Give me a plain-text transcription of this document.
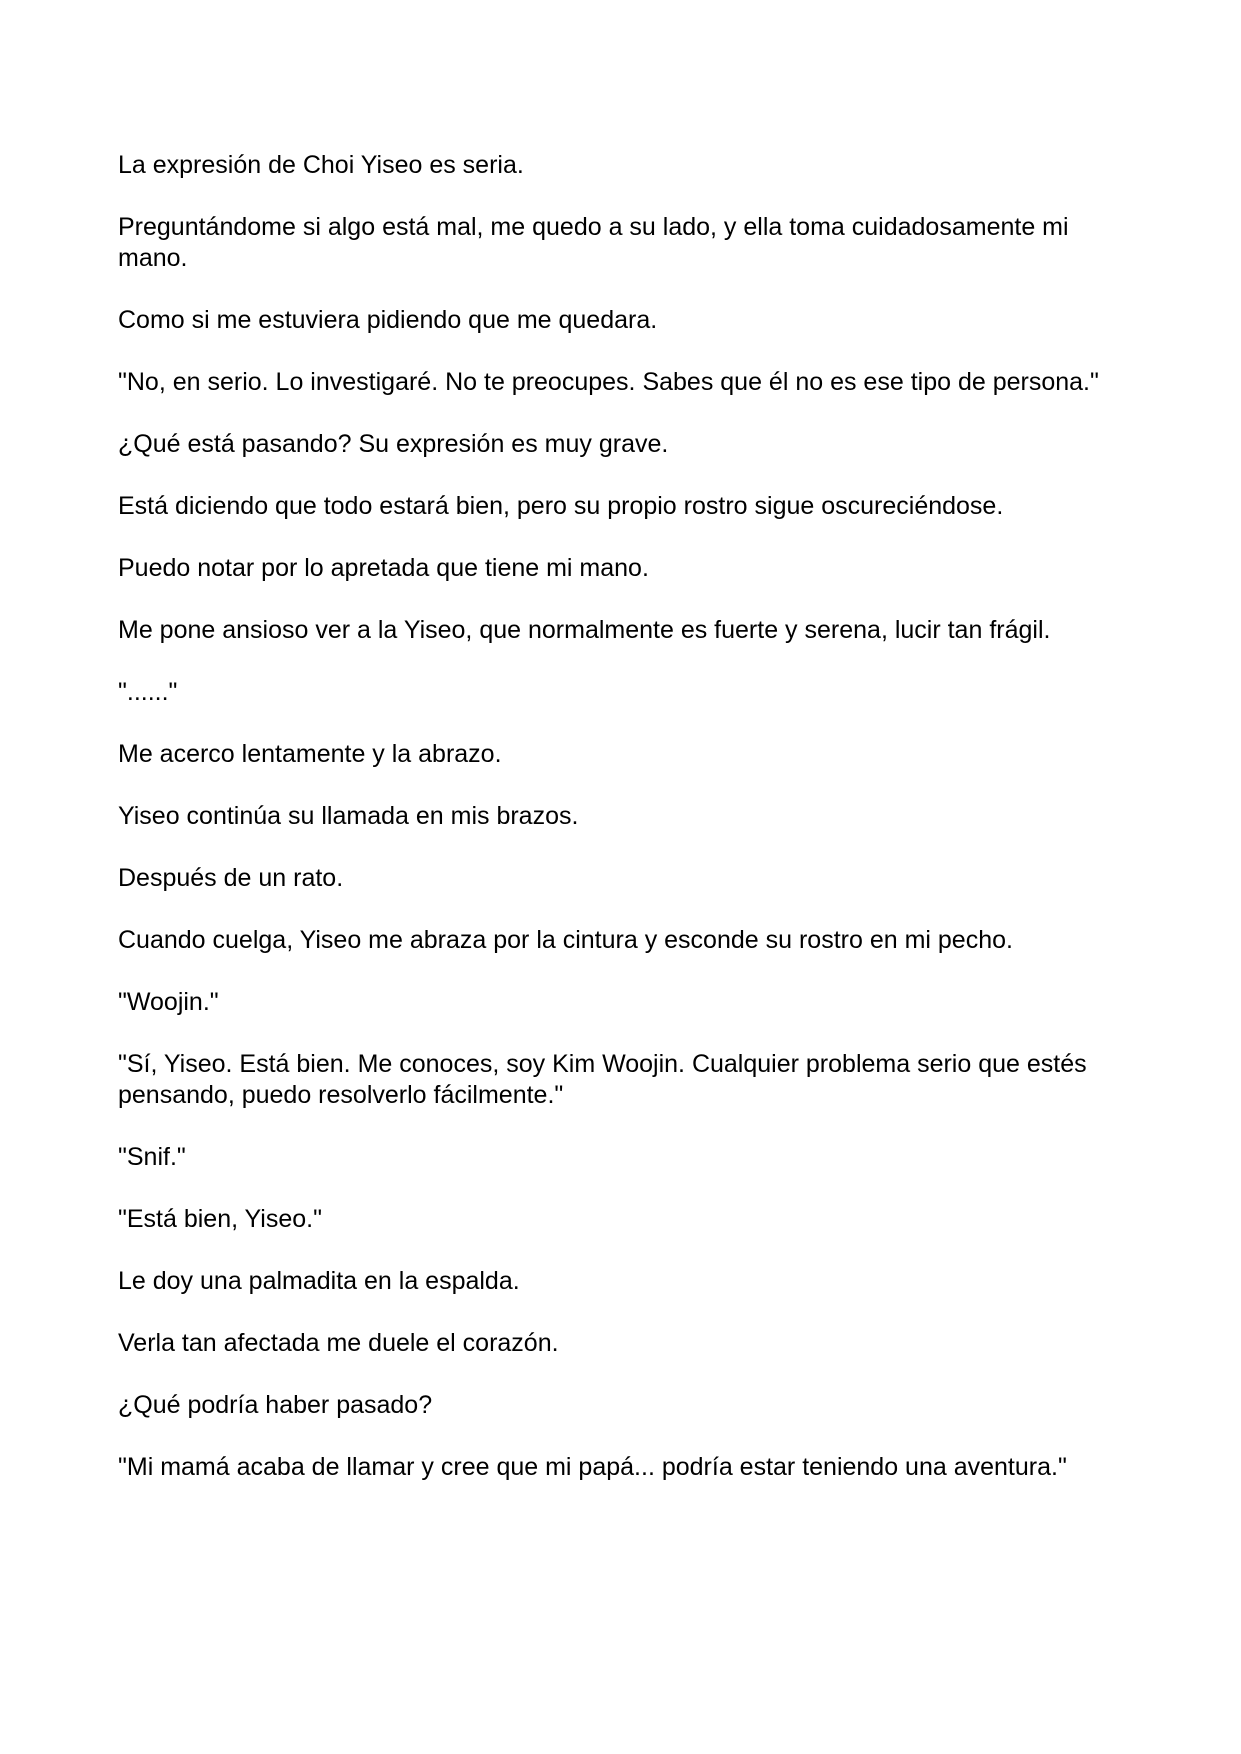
La expresión de Choi Yiseo es seria.

Preguntándome si algo está mal, me quedo a su lado, y ella toma cuidadosamente mi mano.

Como si me estuviera pidiendo que me quedara.

"No, en serio. Lo investigaré. No te preocupes. Sabes que él no es ese tipo de persona."

¿Qué está pasando? Su expresión es muy grave.

Está diciendo que todo estará bien, pero su propio rostro sigue oscureciéndose.

Puedo notar por lo apretada que tiene mi mano.

Me pone ansioso ver a la Yiseo, que normalmente es fuerte y serena, lucir tan frágil.

"......"

Me acerco lentamente y la abrazo.

Yiseo continúa su llamada en mis brazos.

Después de un rato.

Cuando cuelga, Yiseo me abraza por la cintura y esconde su rostro en mi pecho.

"Woojin."

"Sí, Yiseo. Está bien. Me conoces, soy Kim Woojin. Cualquier problema serio que estés pensando, puedo resolverlo fácilmente."

"Snif."

"Está bien, Yiseo."

Le doy una palmadita en la espalda.

Verla tan afectada me duele el corazón.

¿Qué podría haber pasado?

"Mi mamá acaba de llamar y cree que mi papá... podría estar teniendo una aventura."
